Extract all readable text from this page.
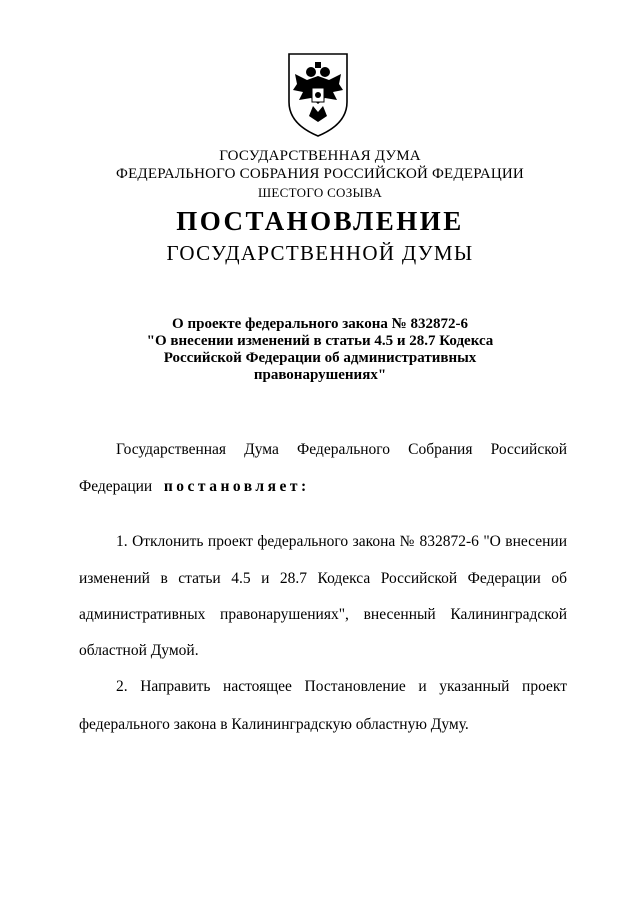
ГОСУДАРСТВЕННАЯ ДУМА
ФЕДЕРАЛЬНОГО СОБРАНИЯ РОССИЙСКОЙ ФЕДЕРАЦИИ
ШЕСТОГО СОЗЫВА
ПОСТАНОВЛЕНИЕ
ГОСУДАРСТВЕННОЙ ДУМЫ
О проекте федерального закона № 832872-6
"О внесении изменений в статьи 4.5 и 28.7 Кодекса
Российской Федерации об административных
правонарушениях"
Государственная Дума Федерального Собрания Российской
Федерации постановляет:
1. Отклонить проект федерального закона № 832872-6 "О внесении
изменений в статьи 4.5 и 28.7 Кодекса Российской Федерации об
административных правонарушениях", внесенный Калининградской
областной Думой.
2. Направить настоящее Постановление и указанный проект
федерального закона в Калининградскую областную Думу.
